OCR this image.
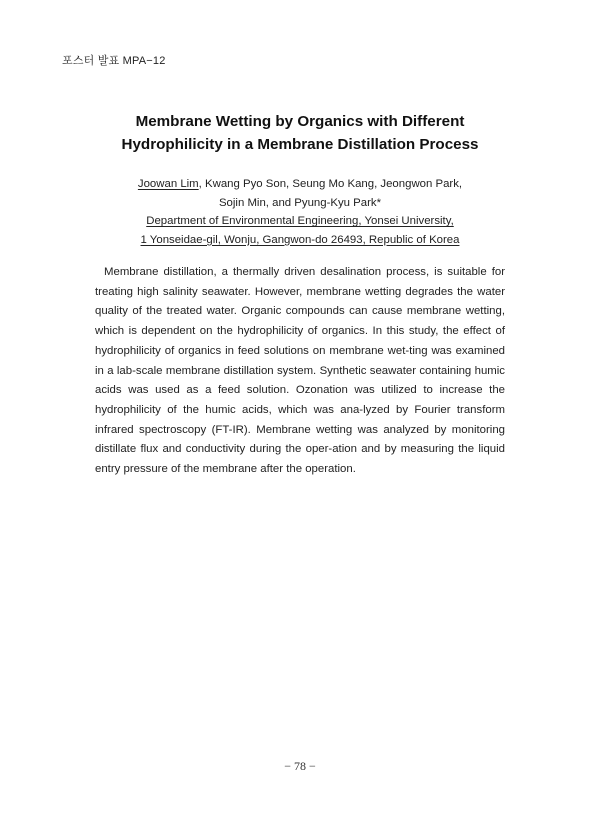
포스터 발표 MPA−12
Membrane Wetting by Organics with Different
Hydrophilicity in a Membrane Distillation Process
Joowan Lim, Kwang Pyo Son, Seung Mo Kang, Jeongwon Park,
Sojin Min, and Pyung-Kyu Park*
Department of Environmental Engineering, Yonsei University,
1 Yonseidae-gil, Wonju, Gangwon-do 26493, Republic of Korea

Membrane distillation, a thermally driven desalination process, is suitable for treating high salinity seawater. However, membrane wetting degrades the water quality of the treated water. Organic compounds can cause membrane wetting, which is dependent on the hydrophilicity of organics. In this study, the effect of hydrophilicity of organics in feed solutions on membrane wet-ting was examined in a lab-scale membrane distillation system. Synthetic seawater containing humic acids was used as a feed solution. Ozonation was utilized to increase the hydrophilicity of the humic acids, which was ana-lyzed by Fourier transform infrared spectroscopy (FT-IR). Membrane wetting was analyzed by monitoring distillate flux and conductivity during the oper-ation and by measuring the liquid entry pressure of the membrane after the operation.

− 78 −
